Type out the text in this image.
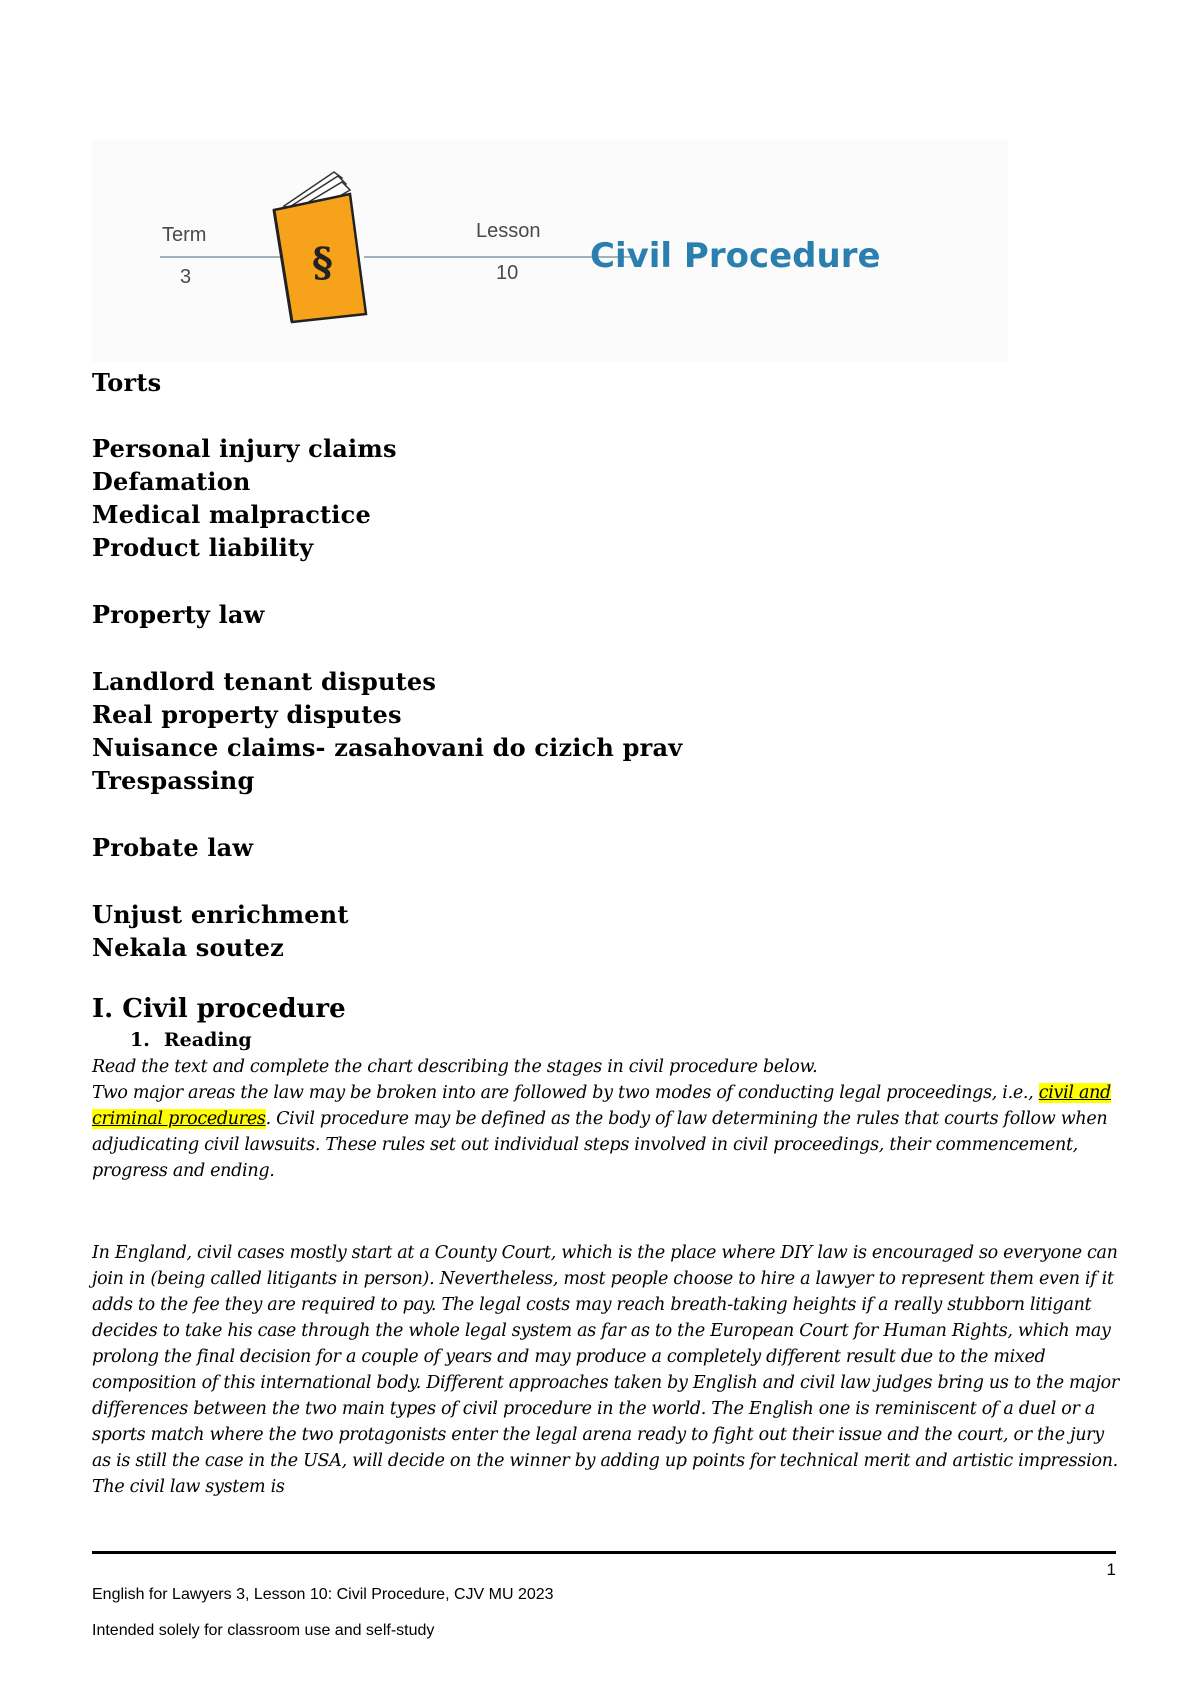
Term
3
Lesson
10
§	Civil Procedure
Torts
Personal injury claims
Defamation
Medical malpractice
Product liability
Property law
Landlord tenant disputes
Real property disputes
Nuisance claims- zasahovani do cizich prav
Trespassing
Probate law
Unjust enrichment
Nekala soutez
I. Civil procedure
1. Reading

Read the text and complete the chart describing the stages in civil procedure below.

Two major areas the law may be broken into are followed by two modes of conducting legal proceedings, i.e., civil and criminal procedures. Civil procedure may be defined as the body of law determining the rules that courts follow when adjudicating civil lawsuits. These rules set out individual steps involved in civil proceedings, their commencement, progress and ending.

In England, civil cases mostly start at a County Court, which is the place where DIY law is encouraged so everyone can join in (being called litigants in person). Nevertheless, most people choose to hire a lawyer to represent them even if it adds to the fee they are required to pay. The legal costs may reach breath-taking heights if a really stubborn litigant decides to take his case through the whole legal system as far as to the European Court for Human Rights, which may prolong the final decision for a couple of years and may produce a completely different result due to the mixed composition of this international body. Different approaches taken by English and civil law judges bring us to the major differences between the two main types of civil procedure in the world. The English one is reminiscent of a duel or a sports match where the two protagonists enter the legal arena ready to fight out their issue and the court, or the jury as is still the case in the USA, will decide on the winner by adding up points for technical merit and artistic impression. The civil law system is
1
English for Lawyers 3, Lesson 10: Civil Procedure, CJV MU 2023
Intended solely for classroom use and self-study
